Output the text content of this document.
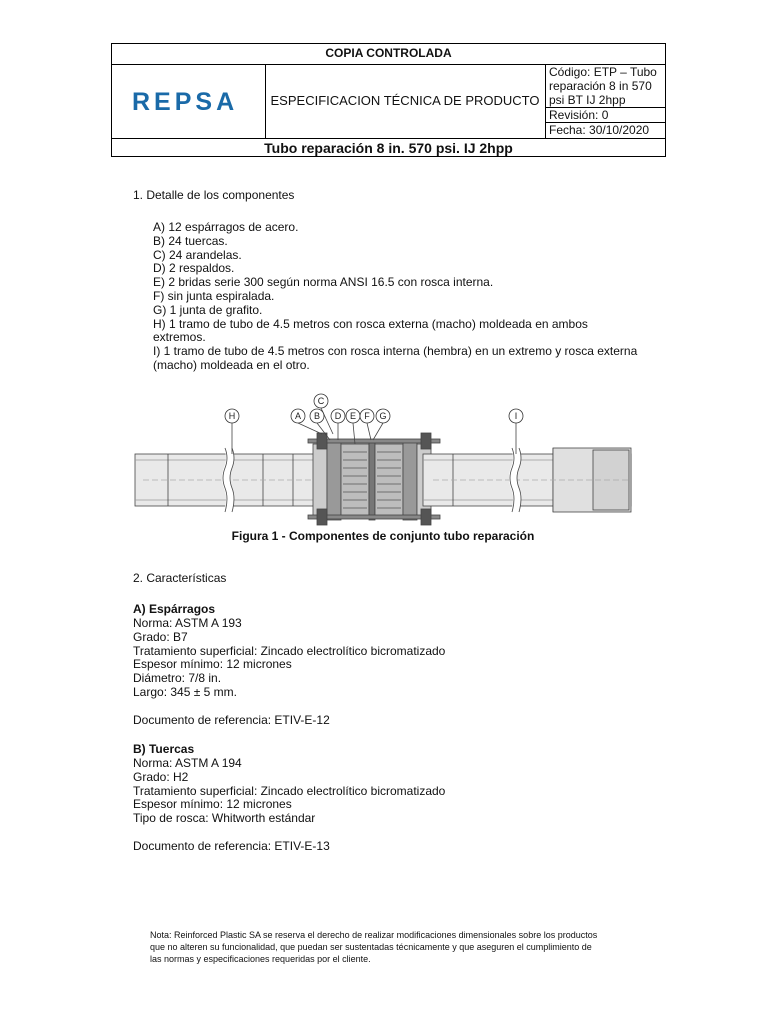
COPIA CONTROLADA
REPSA	ESPECIFICACION TÉCNICA DE PRODUCTO
Código: ETP – Tubo
reparación 8 in 570
psi BT IJ 2hpp
Revisión: 0
Fecha: 30/10/2020
Tubo reparación 8 in. 570 psi. IJ 2hpp
1. Detalle de los componentes
A) 12 espárragos de acero.
B) 24 tuercas.
C) 24 arandelas.
D) 2 respaldos.
E) 2 bridas serie 300 según norma ANSI 16.5 con rosca interna.
F) sin junta espiralada.
G) 1 junta de grafito.
H) 1 tramo de tubo de 4.5 metros con rosca externa (macho) moldeada en ambos
extremos.
I) 1 tramo de tubo de 4.5 metros con rosca interna (hembra) en un extremo y rosca externa
(macho) moldeada en el otro.
H	A B
C
D E F G	I
Figura 1 - Componentes de conjunto tubo reparación
2. Características
A) Espárragos
Norma: ASTM A 193
Grado: B7
Tratamiento superficial: Zincado electrolítico bicromatizado
Espesor mínimo: 12 micrones
Diámetro: 7/8 in.
Largo: 345 ± 5 mm.
Documento de referencia: ETIV-E-12
B) Tuercas
Norma: ASTM A 194
Grado: H2
Tratamiento superficial: Zincado electrolítico bicromatizado
Espesor mínimo: 12 micrones
Tipo de rosca: Whitworth estándar
Documento de referencia: ETIV-E-13
Nota: Reinforced Plastic SA se reserva el derecho de realizar modificaciones dimensionales sobre los productos
que no alteren su funcionalidad, que puedan ser sustentadas técnicamente y que aseguren el cumplimiento de
las normas y especificaciones requeridas por el cliente.
